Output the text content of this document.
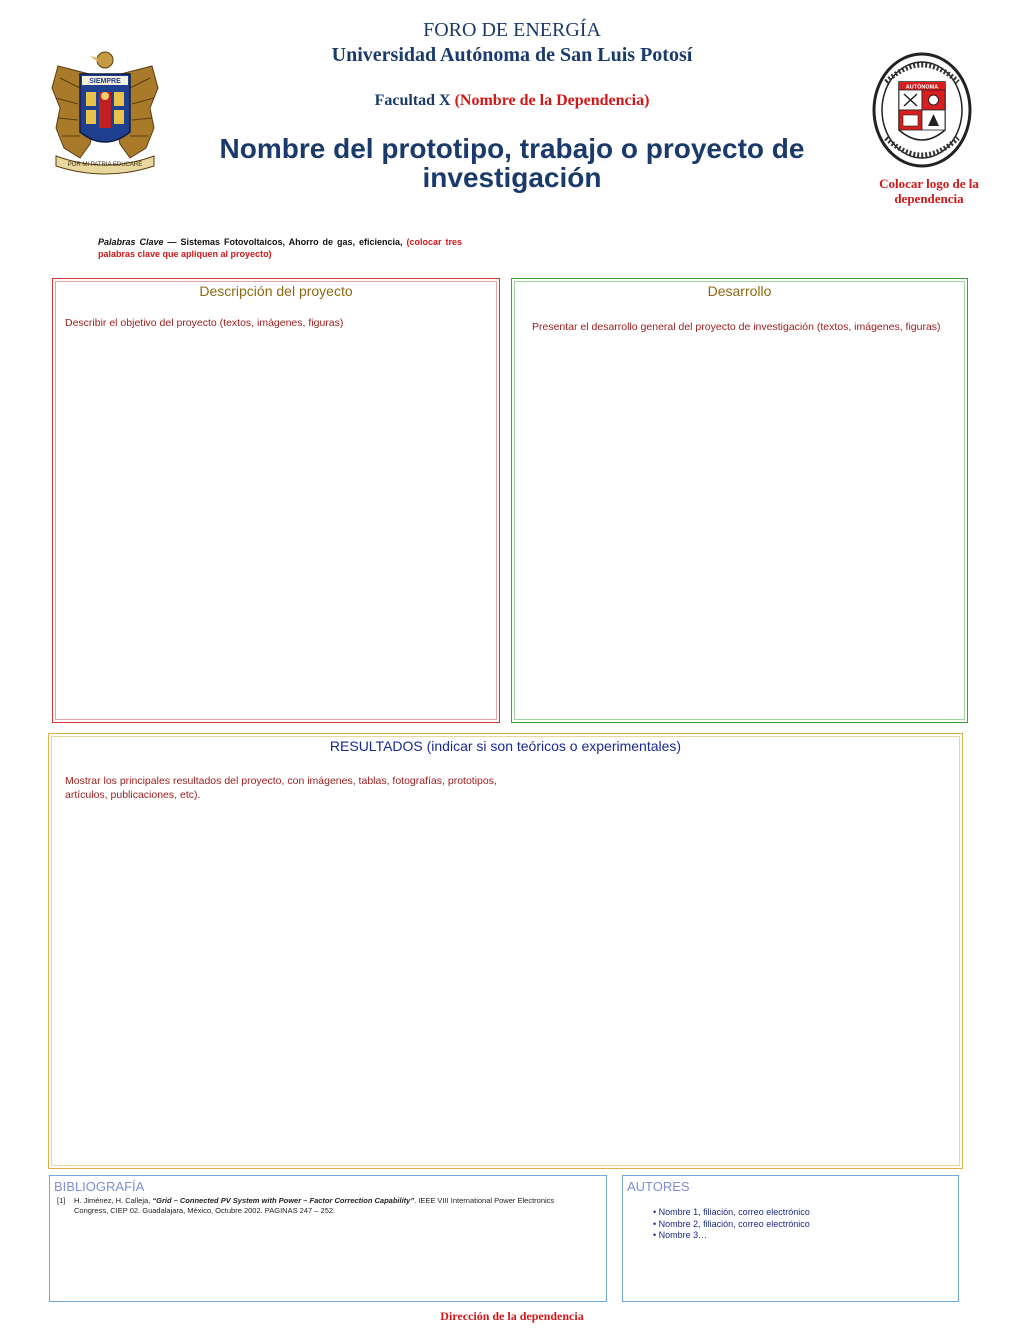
FORO DE ENERGÍA
Universidad Autónoma de San Luis Potosí
Facultad X (Nombre de la Dependencia)
Nombre del prototipo, trabajo o proyecto de investigación
SIEMPRE
POR MI PATRIA EDUCARÉ
AUTÓNOMA
Colocar logo de la dependencia
Palabras Clave — Sistemas Fotovoltaicos, Ahorro de gas, eficiencia, (colocar tres palabras clave que apliquen al proyecto)
Descripción del proyecto
Describir el objetivo del proyecto (textos, imágenes, figuras)
Desarrollo
Presentar el desarrollo general del proyecto de investigación (textos, imágenes, figuras)
RESULTADOS (indicar si son teóricos o experimentales)
Mostrar los principales resultados del proyecto, con imágenes, tablas, fotografías, prototipos, artículos, publicaciones, etc).
BIBLIOGRAFÍA
[1] H. Jiménez, H. Calleja, “Grid – Connected PV System with Power – Factor Correction Capability”. IEEE VIII International Power Electronics Congress, CIEP 02. Guadalajara, México, Octubre 2002. PAGINAS 247 – 252.
AUTORES
• Nombre 1, filiación, correo electrónico
• Nombre 2, filiación, correo electrónico
• Nombre 3…
Dirección de la dependencia
